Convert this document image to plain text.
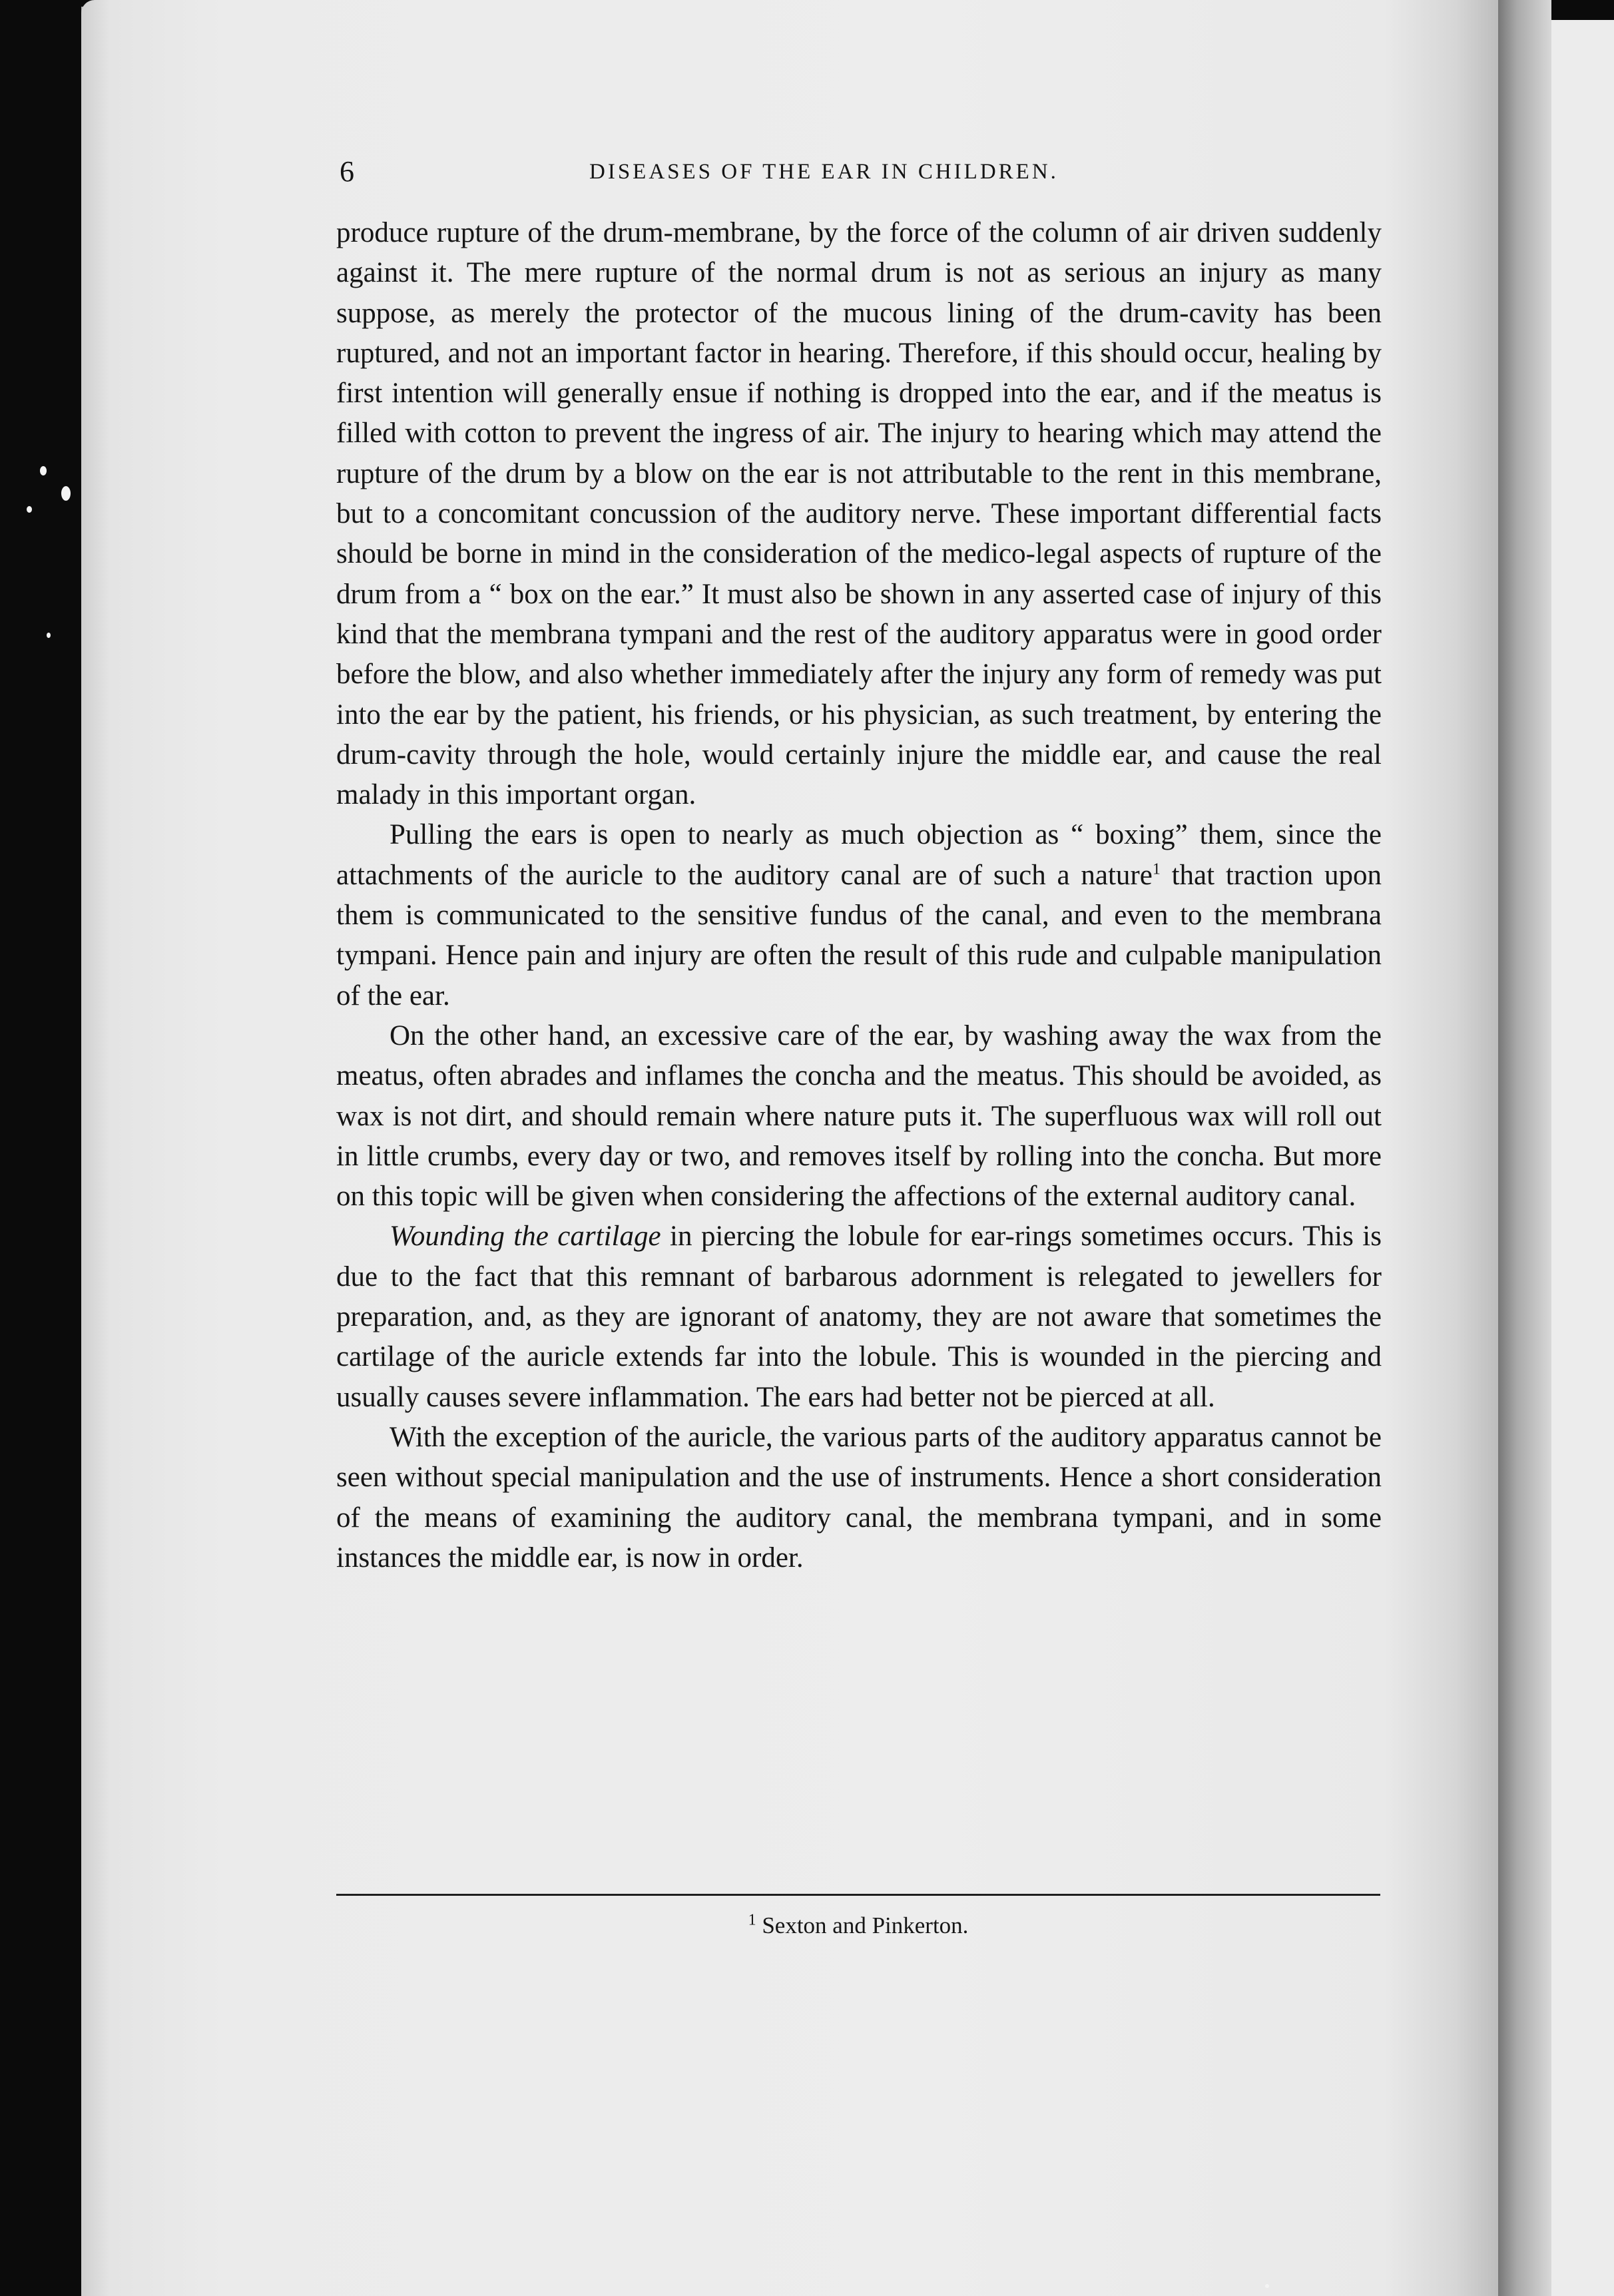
6	DISEASES OF THE EAR IN CHILDREN.

produce rupture of the drum-membrane, by the force of the column of air driven suddenly against it. The mere rupture of the normal drum is not as serious an injury as many suppose, as merely the protector of the mucous lining of the drum-cavity has been ruptured, and not an important factor in hearing. Therefore, if this should occur, healing by first intention will generally ensue if nothing is dropped into the ear, and if the meatus is filled with cotton to prevent the ingress of air. The injury to hearing which may attend the rupture of the drum by a blow on the ear is not attributable to the rent in this membrane, but to a concomitant concussion of the auditory nerve. These important differential facts should be borne in mind in the consideration of the medico-legal aspects of rupture of the drum from a “ box on the ear.” It must also be shown in any asserted case of injury of this kind that the membrana tympani and the rest of the auditory apparatus were in good order before the blow, and also whether immediately after the injury any form of remedy was put into the ear by the patient, his friends, or his physician, as such treatment, by entering the drum-cavity through the hole, would certainly injure the middle ear, and cause the real malady in this important organ.

Pulling the ears is open to nearly as much objection as “ boxing” them, since the attachments of the auricle to the auditory canal are of such a nature$^1$ that traction upon them is communicated to the sensitive fundus of the canal, and even to the membrana tympani. Hence pain and injury are often the result of this rude and culpable manipulation of the ear.

On the other hand, an excessive care of the ear, by washing away the wax from the meatus, often abrades and inflames the concha and the meatus. This should be avoided, as wax is not dirt, and should remain where nature puts it. The superfluous wax will roll out in little crumbs, every day or two, and removes itself by rolling into the concha. But more on this topic will be given when considering the affections of the external auditory canal.

Wounding the cartilage in piercing the lobule for ear-rings sometimes occurs. This is due to the fact that this remnant of barbarous adornment is relegated to jewellers for preparation, and, as they are ignorant of anatomy, they are not aware that sometimes the cartilage of the auricle extends far into the lobule. This is wounded in the piercing and usually causes severe inflammation. The ears had better not be pierced at all.

With the exception of the auricle, the various parts of the auditory apparatus cannot be seen without special manipulation and the use of instruments. Hence a short consideration of the means of examining the auditory canal, the membrana tympani, and in some instances the middle ear, is now in order.

$^1$ Sexton and Pinkerton.
